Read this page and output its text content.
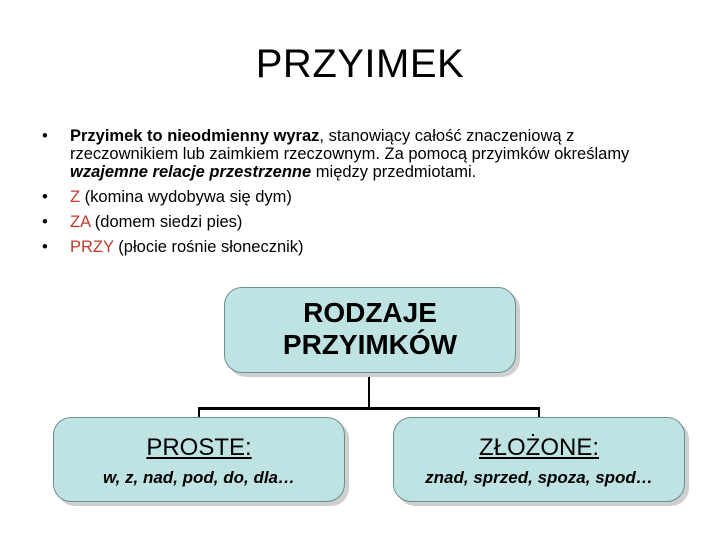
PRZYIMEK
•	Przyimek to nieodmienny wyraz, stanowiący całość znaczeniową z rzeczownikiem lub zaimkiem rzeczownym. Za pomocą przyimków określamy wzajemne relacje przestrzenne między przedmiotami.
•	Z (komina wydobywa się dym)
•	ZA (domem siedzi pies)
•	PRZY (płocie rośnie słonecznik)
RODZAJE
PRZYIMKÓW
PROSTE:
w, z, nad, pod, do, dla…
ZŁOŻONE:
znad, sprzed, spoza, spod…
